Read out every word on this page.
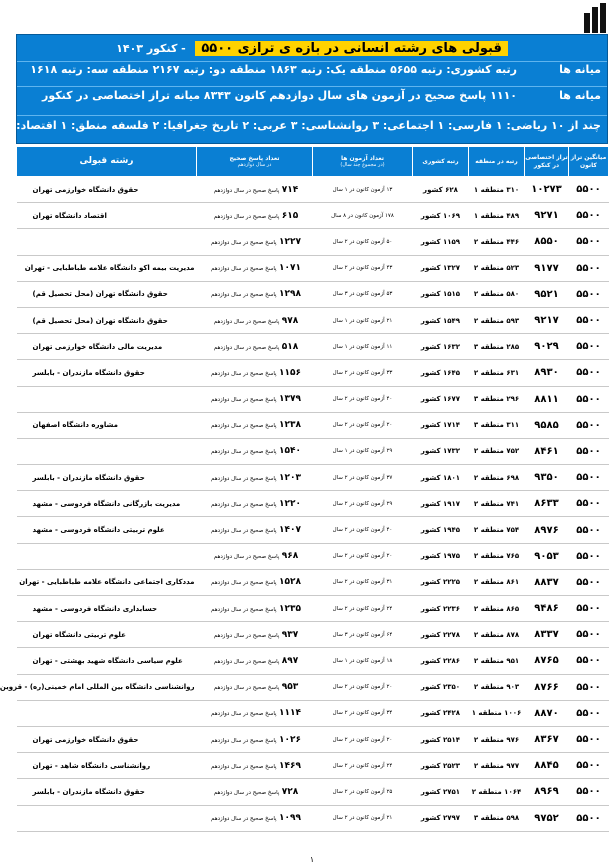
قبولی های رشته انسانی در بازه ی ترازی ۵۵۰۰ - کنکور ۱۴۰۳
میانه ها
رتبه کشوری: رتبه ۵۶۵۵ منطقه یک: رتبه ۱۸۶۳ منطقه دو: رتبه ۲۱۶۷ منطقه سه: رتبه ۱۶۱۸
میانه ها
۱۱۱۰ پاسخ صحیح در آزمون های سال دوازدهم کانون ۸۳۴۳ میانه تراز اختصاصی در کنکور
چند از ۱۰ ریاضی: ۱ فارسی: ۱ اجتماعی: ۳ روانشناسی: ۳ عربی: ۲ تاریخ جغرافیا: ۲ فلسفه منطق: ۱ اقتصاد: ۲
میانگین تراز کانون	تراز اختصاصی در کنکور	رتبه در منطقه	رتبه کشوری	تعداد آزمون ها
(در مجموع چند سال)	تعداد پاسخ صحیح
در سال دوازدهم	رشته قبولی
۵۵۰۰	۱۰۲۷۳	۳۱۰ منطقه ۱	۶۲۸ کشور	۱۳ آزمون کانون در ۱ سال	۷۱۴ پاسخ صحیح در سال دوازدهم	حقوق دانشگاه خوارزمی تهران
۵۵۰۰	۹۲۷۱	۴۸۹ منطقه ۱	۱۰۶۹ کشور	۱۷۸ آزمون کانون در ۸ سال	۶۱۵ پاسخ صحیح در سال دوازدهم	اقتصاد دانشگاه تهران
۵۵۰۰	۸۵۵۰	۴۴۶ منطقه ۲	۱۱۵۹ کشور	۵۰ آزمون کانون در ۲ سال	۱۲۲۷ پاسخ صحیح در سال دوازدهم	
۵۵۰۰	۹۱۷۷	۵۲۳ منطقه ۲	۱۳۲۷ کشور	۴۳ آزمون کانون در ۲ سال	۱۰۷۱ پاسخ صحیح در سال دوازدهم	مدیریت بیمه اکو دانشگاه علامه طباطبایی - تهران
۵۵۰۰	۹۵۲۱	۵۸۰ منطقه ۲	۱۵۱۵ کشور	۵۳ آزمون کانون در ۳ سال	۱۲۹۸ پاسخ صحیح در سال دوازدهم	حقوق دانشگاه تهران (محل تحصیل قم)
۵۵۰۰	۹۲۱۷	۵۹۳ منطقه ۲	۱۵۴۹ کشور	۲۱ آزمون کانون در ۱ سال	۹۷۸ پاسخ صحیح در سال دوازدهم	حقوق دانشگاه تهران (محل تحصیل قم)
۵۵۰۰	۹۰۲۹	۲۸۵ منطقه ۳	۱۶۳۲ کشور	۱۱ آزمون کانون در ۱ سال	۵۱۸ پاسخ صحیح در سال دوازدهم	مدیریت مالی دانشگاه خوارزمی تهران
۵۵۰۰	۸۹۳۰	۶۳۱ منطقه ۲	۱۶۴۵ کشور	۳۳ آزمون کانون در ۲ سال	۱۱۵۶ پاسخ صحیح در سال دوازدهم	حقوق دانشگاه مازندران - بابلسر
۵۵۰۰	۸۸۱۱	۲۹۶ منطقه ۳	۱۶۷۷ کشور	۴۰ آزمون کانون در ۲ سال	۱۳۷۹ پاسخ صحیح در سال دوازدهم	
۵۵۰۰	۹۵۸۵	۳۱۱ منطقه ۳	۱۷۱۴ کشور	۲۰ آزمون کانون در ۲ سال	۱۲۳۸ پاسخ صحیح در سال دوازدهم	مشاوره دانشگاه اصفهان
۵۵۰۰	۸۴۶۱	۷۵۲ منطقه ۲	۱۷۳۲ کشور	۲۹ آزمون کانون در ۱ سال	۱۵۴۰ پاسخ صحیح در سال دوازدهم	
۵۵۰۰	۹۳۵۰	۶۹۸ منطقه ۲	۱۸۰۱ کشور	۳۷ آزمون کانون در ۲ سال	۱۲۰۳ پاسخ صحیح در سال دوازدهم	حقوق دانشگاه مازندران - بابلسر
۵۵۰۰	۸۶۳۳	۷۴۱ منطقه ۲	۱۹۱۷ کشور	۲۹ آزمون کانون در ۲ سال	۱۲۲۰ پاسخ صحیح در سال دوازدهم	مدیریت بازرگانی دانشگاه فردوسی - مشهد
۵۵۰۰	۸۹۷۶	۷۵۴ منطقه ۲	۱۹۴۵ کشور	۴۰ آزمون کانون در ۲ سال	۱۴۰۷ پاسخ صحیح در سال دوازدهم	علوم تربیتی دانشگاه فردوسی - مشهد
۵۵۰۰	۹۰۵۳	۷۶۵ منطقه ۲	۱۹۷۵ کشور	۲۰ آزمون کانون در ۲ سال	۹۶۸ پاسخ صحیح در سال دوازدهم	
۵۵۰۰	۸۸۳۷	۸۶۱ منطقه ۲	۲۲۲۵ کشور	۳۱ آزمون کانون در ۲ سال	۱۵۲۸ پاسخ صحیح در سال دوازدهم	مددکاری اجتماعی دانشگاه علامه طباطبایی - تهران
۵۵۰۰	۹۴۸۶	۸۶۵ منطقه ۲	۲۲۳۶ کشور	۲۴ آزمون کانون در ۲ سال	۱۲۳۵ پاسخ صحیح در سال دوازدهم	حسابداری دانشگاه فردوسی - مشهد
۵۵۰۰	۸۳۳۷	۸۷۸ منطقه ۲	۲۲۷۸ کشور	۶۴ آزمون کانون در ۳ سال	۹۳۷ پاسخ صحیح در سال دوازدهم	علوم تربیتی دانشگاه تهران
۵۵۰۰	۸۷۶۵	۹۵۱ منطقه ۲	۲۲۸۶ کشور	۱۸ آزمون کانون در ۱ سال	۸۹۷ پاسخ صحیح در سال دوازدهم	علوم سیاسی دانشگاه شهید بهشتی - تهران
۵۵۰۰	۸۷۶۶	۹۰۳ منطقه ۲	۲۳۵۰ کشور	۲۰ آزمون کانون در ۲ سال	۹۵۳ پاسخ صحیح در سال دوازدهم	روانشناسی دانشگاه بین المللی امام خمینی(ره) - قزوین
۵۵۰۰	۸۸۷۰	۱۰۰۶ منطقه ۱	۲۴۲۸ کشور	۳۴ آزمون کانون در ۲ سال	۱۱۱۴ پاسخ صحیح در سال دوازدهم	
۵۵۰۰	۸۳۶۷	۹۷۶ منطقه ۲	۲۵۱۴ کشور	۲۰ آزمون کانون در ۲ سال	۱۰۲۶ پاسخ صحیح در سال دوازدهم	حقوق دانشگاه خوارزمی تهران
۵۵۰۰	۸۸۴۵	۹۷۷ منطقه ۲	۲۵۲۳ کشور	۲۴ آزمون کانون در ۲ سال	۱۴۶۹ پاسخ صحیح در سال دوازدهم	روانشناسی دانشگاه شاهد - تهران
۵۵۰۰	۸۹۶۹	۱۰۶۴ منطقه ۲	۲۷۵۱ کشور	۲۵ آزمون کانون در ۲ سال	۷۲۸ پاسخ صحیح در سال دوازدهم	حقوق دانشگاه مازندران - بابلسر
۵۵۰۰	۹۷۵۲	۵۹۸ منطقه ۳	۲۷۹۷ کشور	۲۱ آزمون کانون در ۲ سال	۱۰۹۹ پاسخ صحیح در سال دوازدهم	
۱
